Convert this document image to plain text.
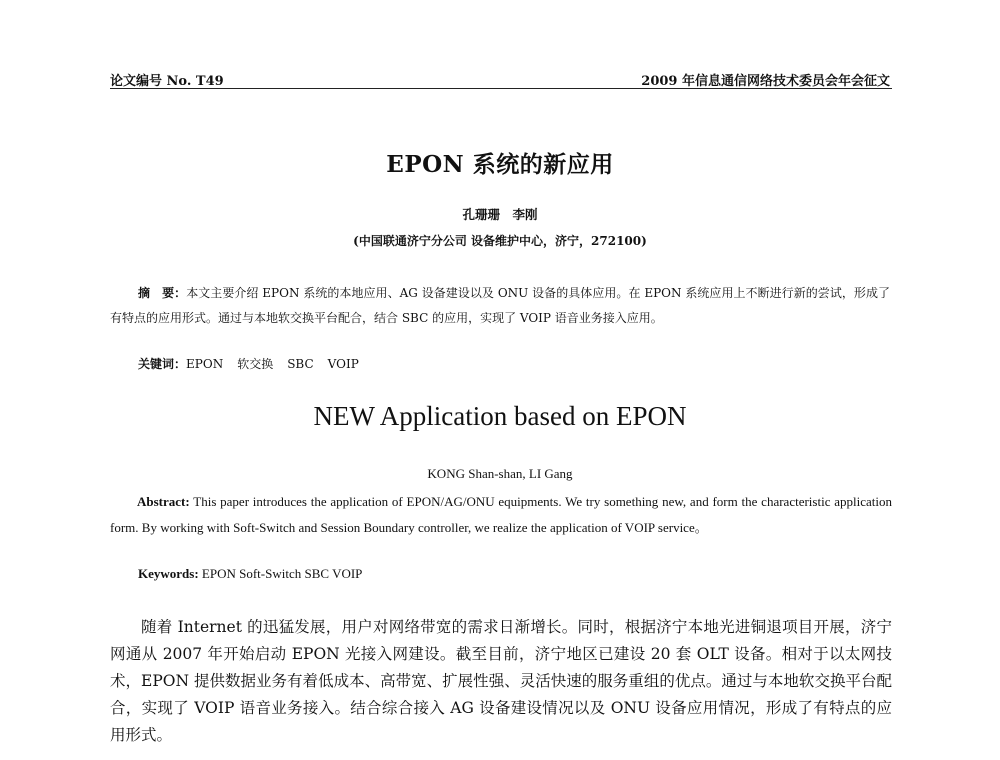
论文编号 No. T49	2009 年信息通信网络技术委员会年会征文
EPON 系统的新应用
孔珊珊　李刚
(中国联通济宁分公司 设备维护中心，济宁，272100)
摘　要：本文主要介绍 EPON 系统的本地应用、AG 设备建设以及 ONU 设备的具体应用。在 EPON 系统应用上不断进行新的尝试，形成了有特点的应用形式。通过与本地软交换平台配合，结合 SBC 的应用，实现了 VOIP 语音业务接入应用。
关键词：EPON 软交换 SBC VOIP
NEW Application based on EPON
KONG Shan-shan, LI Gang
Abstract: This paper introduces the application of EPON/AG/ONU equipments. We try something new, and form the characteristic application form. By working with Soft-Switch and Session Boundary controller, we realize the application of VOIP service。
Keywords: EPON Soft-Switch SBC VOIP

随着 Internet 的迅猛发展，用户对网络带宽的需求日渐增长。同时，根据济宁本地光进铜退项目开展，济宁网通从 2007 年开始启动 EPON 光接入网建设。截至目前，济宁地区已建设 20 套 OLT 设备。相对于以太网技术，EPON 提供数据业务有着低成本、高带宽、扩展性强、灵活快速的服务重组的优点。通过与本地软交换平台配合，实现了 VOIP 语音业务接入。结合综合接入 AG 设备建设情况以及 ONU 设备应用情况，形成了有特点的应用形式。
